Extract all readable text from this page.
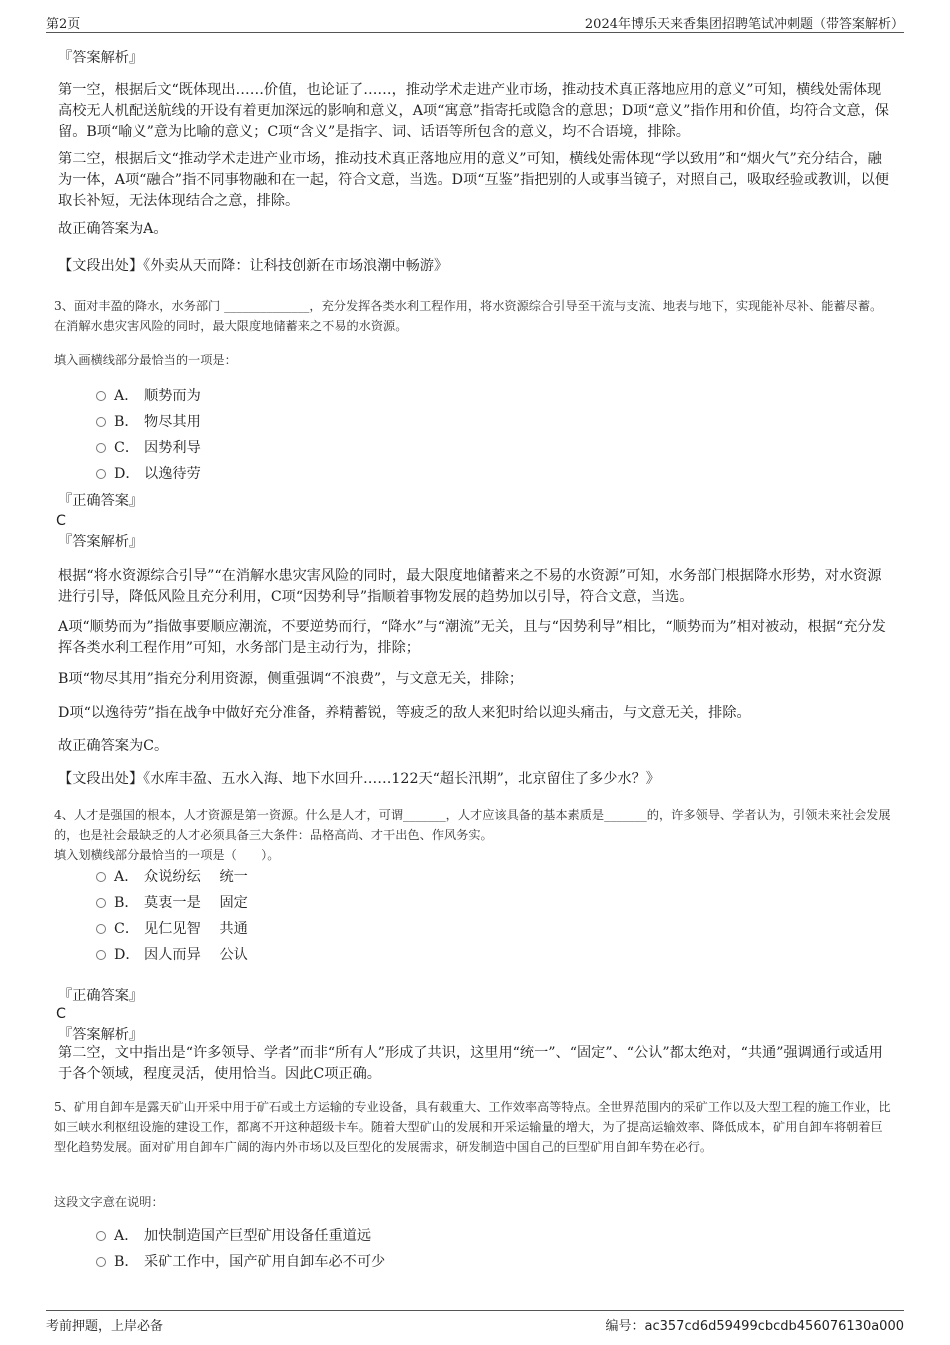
第2页	2024年博乐天来香集团招聘笔试冲刺题（带答案解析）
『答案解析』
第一空，根据后文“既体现出……价值，也论证了……，推动学术走进产业市场，推动技术真正落地应用的意义”可知，横线处需体现高校无人机配送航线的开设有着更加深远的影响和意义，A项“寓意”指寄托或隐含的意思；D项“意义”指作用和价值，均符合文意，保留。B项“喻义”意为比喻的意义；C项“含义”是指字、词、话语等所包含的意义，均不合语境，排除。
第二空，根据后文“推动学术走进产业市场，推动技术真正落地应用的意义”可知，横线处需体现“学以致用”和“烟火气”充分结合，融为一体，A项“融合”指不同事物融和在一起，符合文意，当选。D项“互鉴”指把别的人或事当镜子，对照自己，吸取经验或教训，以便取长补短，无法体现结合之意，排除。
故正确答案为A。
【文段出处】《外卖从天而降：让科技创新在市场浪潮中畅游》
3、面对丰盈的降水，水务部门 ______________，充分发挥各类水利工程作用，将水资源综合引导至干流与支流、地表与地下，实现能补尽补、能蓄尽蓄。在消解水患灾害风险的同时，最大限度地储蓄来之不易的水资源。
填入画横线部分最恰当的一项是：
A． 顺势而为
B． 物尽其用
C． 因势利导
D． 以逸待劳
『正确答案』
C
『答案解析』
根据“将水资源综合引导”“在消解水患灾害风险的同时，最大限度地储蓄来之不易的水资源”可知，水务部门根据降水形势，对水资源进行引导，降低风险且充分利用，C项“因势利导”指顺着事物发展的趋势加以引导，符合文意，当选。
A项“顺势而为”指做事要顺应潮流，不要逆势而行，“降水”与“潮流”无关，且与“因势利导”相比，“顺势而为”相对被动，根据“充分发挥各类水利工程作用”可知，水务部门是主动行为，排除；
B项“物尽其用”指充分利用资源，侧重强调“不浪费”，与文意无关，排除；
D项“以逸待劳”指在战争中做好充分准备，养精蓄锐，等疲乏的敌人来犯时给以迎头痛击，与文意无关，排除。
故正确答案为C。
【文段出处】《水库丰盈、五水入海、地下水回升……122天“超长汛期”，北京留住了多少水？》
4、人才是强国的根本，人才资源是第一资源。什么是人才，可谓_______，人才应该具备的基本素质是_______的，许多领导、学者认为，引领未来社会发展的，也是社会最缺乏的人才必须具备三大条件：品格高尚、才干出色、作风务实。
填入划横线部分最恰当的一项是（　　）。
A． 众说纷纭　 统一
B． 莫衷一是　 固定
C． 见仁见智　 共通
D． 因人而异　 公认
『正确答案』
C
『答案解析』
第二空，文中指出是“许多领导、学者”而非“所有人”形成了共识，这里用“统一”、“固定”、“公认”都太绝对，“共通”强调通行或适用于各个领域，程度灵活，使用恰当。因此C项正确。
5、矿用自卸车是露天矿山开采中用于矿石或土方运输的专业设备，具有载重大、工作效率高等特点。全世界范围内的采矿工作以及大型工程的施工作业，比如三峡水利枢纽设施的建设工作，都离不开这种超级卡车。随着大型矿山的发展和开采运输量的增大，为了提高运输效率、降低成本，矿用自卸车将朝着巨型化趋势发展。面对矿用自卸车广阔的海内外市场以及巨型化的发展需求，研发制造中国自己的巨型矿用自卸车势在必行。
这段文字意在说明：
A． 加快制造国产巨型矿用设备任重道远
B． 采矿工作中，国产矿用自卸车必不可少
考前押题，上岸必备	编号：ac357cd6d59499cbcdb456076130a000
